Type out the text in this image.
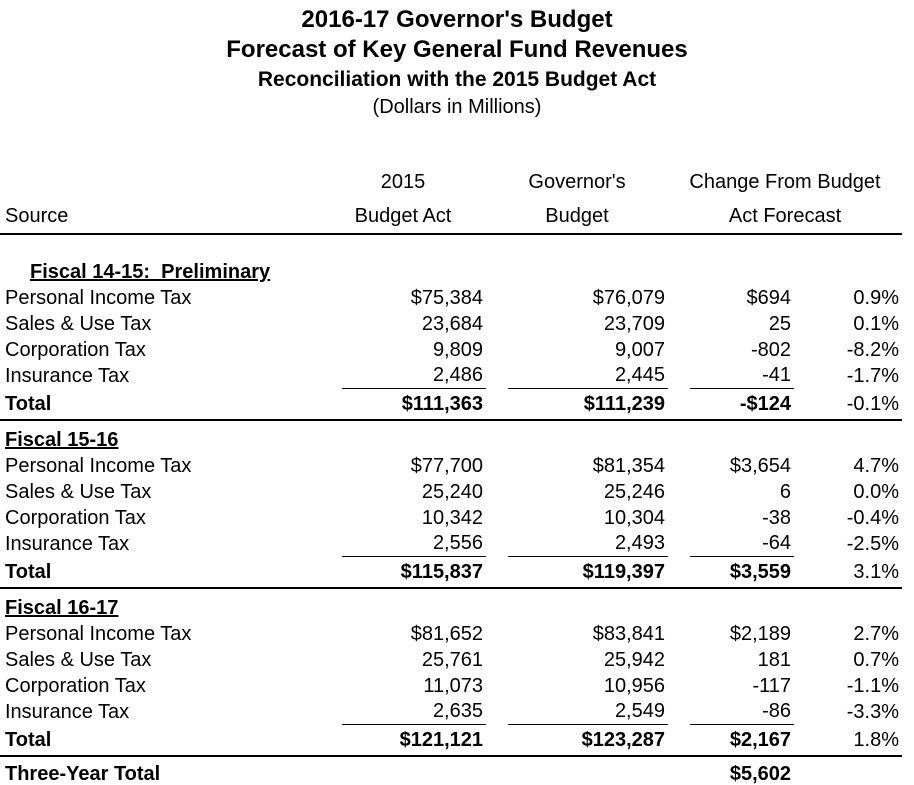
2016-17 Governor's Budget
Forecast of Key General Fund Revenues
Reconciliation with the 2015 Budget Act
(Dollars in Millions)
	2015	Governor's	Change From Budget	
Source	Budget Act	Budget	Act Forecast	

Fiscal 14-15:  Preliminary				
Personal Income Tax	$75,384	$76,079	$694	0.9%
Sales & Use Tax	23,684	23,709	25	0.1%
Corporation Tax	9,809	9,007	-802	-8.2%
Insurance Tax	2,486	2,445	-41	-1.7%
Total	$111,363	$111,239	-$124	-0.1%
Fiscal 15-16				
Personal Income Tax	$77,700	$81,354	$3,654	4.7%
Sales & Use Tax	25,240	25,246	6	0.0%
Corporation Tax	10,342	10,304	-38	-0.4%
Insurance Tax	2,556	2,493	-64	-2.5%
Total	$115,837	$119,397	$3,559	3.1%
Fiscal 16-17				
Personal Income Tax	$81,652	$83,841	$2,189	2.7%
Sales & Use Tax	25,761	25,942	181	0.7%
Corporation Tax	11,073	10,956	-117	-1.1%
Insurance Tax	2,635	2,549	-86	-3.3%
Total	$121,121	$123,287	$2,167	1.8%
Three-Year Total			$5,602	
